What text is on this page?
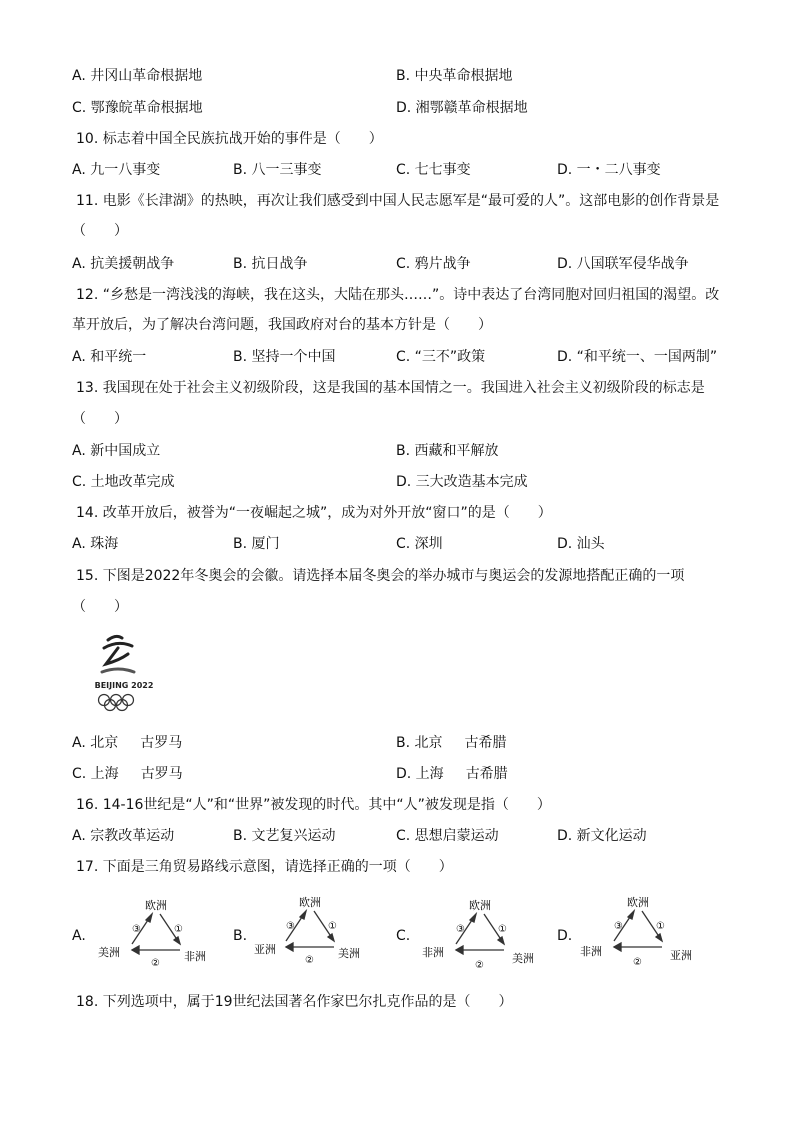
A. 井冈山革命根据地	B. 中央革命根据地
C. 鄂豫皖革命根据地	D. 湘鄂赣革命根据地
10. 标志着中国全民族抗战开始的事件是（　　）
A. 九一八事变	B. 八一三事变	C. 七七事变	D. 一・二八事变
11. 电影《长津湖》的热映，再次让我们感受到中国人民志愿军是“最可爱的人”。这部电影的创作背景是
（　　）
A. 抗美援朝战争	B. 抗日战争	C. 鸦片战争	D. 八国联军侵华战争
12. “乡愁是一湾浅浅的海峡，我在这头，大陆在那头……”。诗中表达了台湾同胞对回归祖国的渴望。改
革开放后，为了解决台湾问题，我国政府对台的基本方针是（　　）
A. 和平统一	B. 坚持一个中国	C. “三不”政策	D. “和平统一、一国两制”
13. 我国现在处于社会主义初级阶段，这是我国的基本国情之一。我国进入社会主义初级阶段的标志是
（　　）
A. 新中国成立	B. 西藏和平解放
C. 土地改革完成	D. 三大改造基本完成
14. 改革开放后，被誉为“一夜崛起之城”，成为对外开放“窗口”的是（　　）
A. 珠海	B. 厦门	C. 深圳	D. 汕头
15. 下图是2022年冬奥会的会徽。请选择本届冬奥会的举办城市与奥运会的发源地搭配正确的一项
（　　）
BEIJING 2022
A. 北京 古罗马	B. 北京 古希腊
C. 上海 古罗马	D. 上海 古希腊
16. 14-16世纪是“人”和“世界”被发现的时代。其中“人”被发现是指（　　）
A. 宗教改革运动	B. 文艺复兴运动	C. 思想启蒙运动	D. 新文化运动
17. 下面是三角贸易路线示意图，请选择正确的一项（　　）
A.
欧洲
美洲	非洲
③	①
②
B.
欧洲
亚洲	美洲
③	①
②
C.
欧洲
非洲	美洲
③	①
②
D.
欧洲
非洲	亚洲
③	①
②
18. 下列选项中，属于19世纪法国著名作家巴尔扎克作品的是（　　）
